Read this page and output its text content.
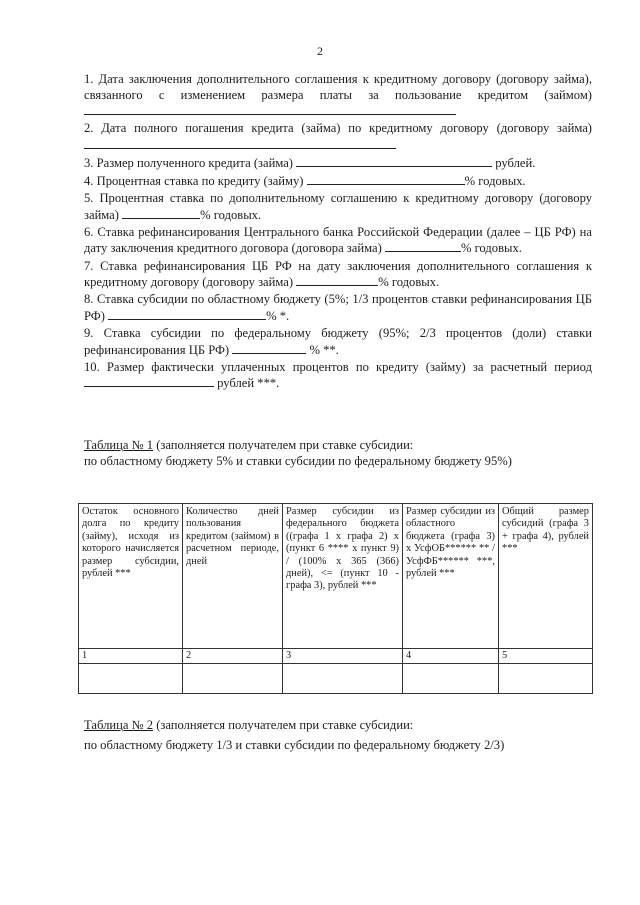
2
1. Дата заключения дополнительного соглашения к кредитному договору (договору займа), связанного с изменением размера платы за пользование кредитом (займом)
2. Дата полного погашения кредита (займа) по кредитному договору (договору займа)
3. Размер полученного кредита (займа)	рублей.
4. Процентная ставка по кредиту (займу)	% годовых.
5. Процентная ставка по дополнительному соглашению к кредитному договору (договору займа)	% годовых.
6. Ставка рефинансирования Центрального банка Российской Федерации (далее – ЦБ РФ) на дату заключения кредитного договора (договора займа)	% годовых.
7. Ставка рефинансирования ЦБ РФ на дату заключения дополнительного соглашения к кредитному договору (договору займа)	% годовых.
8. Ставка субсидии по областному бюджету (5%; 1/3 процентов ставки рефинансирования ЦБ РФ)	% *.
9. Ставка субсидии по федеральному бюджету (95%; 2/3 процентов (доли) ставки рефинансирования ЦБ РФ)	% **.
10. Размер фактически уплаченных процентов по кредиту (займу) за расчетный период  рублей ***.
Таблица № 1 (заполняется получателем при ставке субсидии:
по областному бюджету 5% и ставки субсидии по федеральному бюджету 95%)
Остаток основного долга по кредиту (займу), исходя из которого начисляется размер субсидии, рублей ***	Количество дней пользования кредитом (займом) в расчетном периоде, дней	Размер субсидии из федерального бюджета ((графа 1 х графа 2) х (пункт 6 **** х пункт 9) / (100% х 365 (366) дней), <= (пункт 10 - графа 3), рублей ***	Размер субсидии из областного бюджета (графа 3) х УсфОБ****** ** / УсфФБ****** ***, рублей ***	Общий размер субсидий (графа 3 + графа 4), рублей ***
1	2	3	4	5

Таблица № 2 (заполняется получателем при ставке субсидии:
по областному бюджету 1/3 и ставки субсидии по федеральному бюджету 2/3)
